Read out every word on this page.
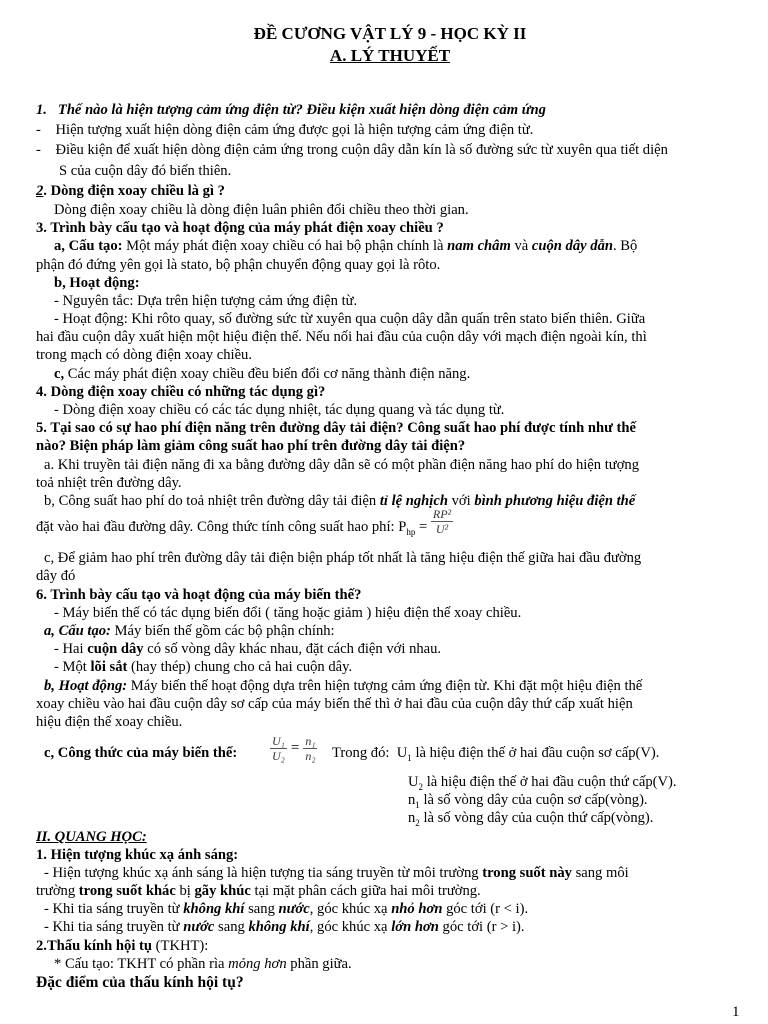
ĐỀ CƯƠNG VẬT LÝ 9 - HỌC KỲ II
A. LÝ THUYẾT
1. Thế nào là hiện tượng cảm ứng điện từ? Điều kiện xuất hiện dòng điện cảm ứng
-    Hiện tượng xuất hiện dòng điện cảm ứng được gọi là hiện tượng cảm ứng điện từ.
-    Điều kiện để xuất hiện dòng điện cảm ứng trong cuộn dây dẫn kín là số đường sức từ xuyên qua tiết diện
S của cuộn dây đó biến thiên.
2. Dòng điện xoay chiều là gì ?
Dòng điện xoay chiều là dòng điện luân phiên đổi chiều theo thời gian.
3. Trình bày cấu tạo và hoạt động của máy phát điện xoay chiều ?
a, Cấu tạo: Một máy phát điện xoay chiều có hai bộ phận chính là nam châm và cuộn dây dẫn. Bộ
phận đó đứng yên gọi là stato, bộ phận chuyển động quay gọi là rôto.
b, Hoạt động:
- Nguyên tắc: Dựa trên hiện tượng cảm ứng điện từ.
- Hoạt động: Khi rôto quay, số đường sức từ xuyên qua cuộn dây dẫn quấn trên stato biến thiên. Giữa
hai đầu cuộn dây xuất hiện một hiệu điện thế. Nếu nối hai đầu của cuộn dây với mạch điện ngoài kín, thì
trong mạch có dòng điện xoay chiều.
c, Các máy phát điện xoay chiều đều biến đổi cơ năng thành điện năng.
4. Dòng điện xoay chiều có những tác dụng gì?
- Dòng điện xoay chiều có các tác dụng nhiệt, tác dụng quang và tác dụng từ.
5. Tại sao có sự hao phí điện năng trên đường dây tải điện? Công suất hao phí được tính như thế
nào? Biện pháp làm giảm công suất hao phí trên đường dây tải điện?
a. Khi truyền tải điện năng đi xa bằng đường dây dẫn sẽ có một phần điện năng hao phí do hiện tượng
toả nhiệt trên đường dây.
b, Công suất hao phí do toả nhiệt trên đường dây tải điện tỉ lệ nghịch với bình phương hiệu điện thế
đặt vào hai đầu đường dây. Công thức tính công suất hao phí: $P_{hp} = \frac{\text{RP²}}{\text{U²}}$
c, Để giảm hao phí trên đường dây tải điện biện pháp tốt nhất là tăng hiệu điện thế giữa hai đầu đường
dây đó
6. Trình bày cấu tạo và hoạt động của máy biến thế?
- Máy biến thế có tác dụng biến đổi ( tăng hoặc giảm ) hiệu điện thế xoay chiều.
a, Cấu tạo: Máy biến thế gồm các bộ phận chính:
- Hai cuộn dây có số vòng dây khác nhau, đặt cách điện với nhau.
- Một lõi sắt (hay thép) chung cho cả hai cuộn dây.
b, Hoạt động: Máy biến thế hoạt động dựa trên hiện tượng cảm ứng điện từ. Khi đặt một hiệu điện thế
xoay chiều vào hai đầu cuộn dây sơ cấp của máy biến thế thì ở hai đầu của cuộn dây thứ cấp xuất hiện
hiệu điện thế xoay chiều.
c, Công thức của máy biến thế:	$\frac{\text{U₁}}{\text{U₂}} = \frac{\text{n₁}}{\text{n₂}}$ Trong đó: $U_1$ là hiệu điện thế ở hai đầu cuộn sơ cấp(V).
$U_2$ là hiệu điện thế ở hai đầu cuộn thứ cấp(V).
$n_1$ là số vòng dây của cuộn sơ cấp(vòng).
$n_2$ là số vòng dây của cuộn thứ cấp(vòng).
II. QUANG HỌC:
1. Hiện tượng khúc xạ ánh sáng:
- Hiện tượng khúc xạ ánh sáng là hiện tượng tia sáng truyền từ môi trường trong suốt này sang môi
trường trong suốt khác bị gãy khúc tại mặt phân cách giữa hai môi trường.
- Khi tia sáng truyền từ không khí sang nước, góc khúc xạ nhỏ hơn góc tới (r < i).
- Khi tia sáng truyền từ nước sang không khí, góc khúc xạ lớn hơn góc tới (r > i).
2.Thấu kính hội tụ (TKHT):
* Cấu tạo: TKHT có phần rìa mỏng hơn phần giữa.
Đặc điểm của thấu kính hội tụ?
1
